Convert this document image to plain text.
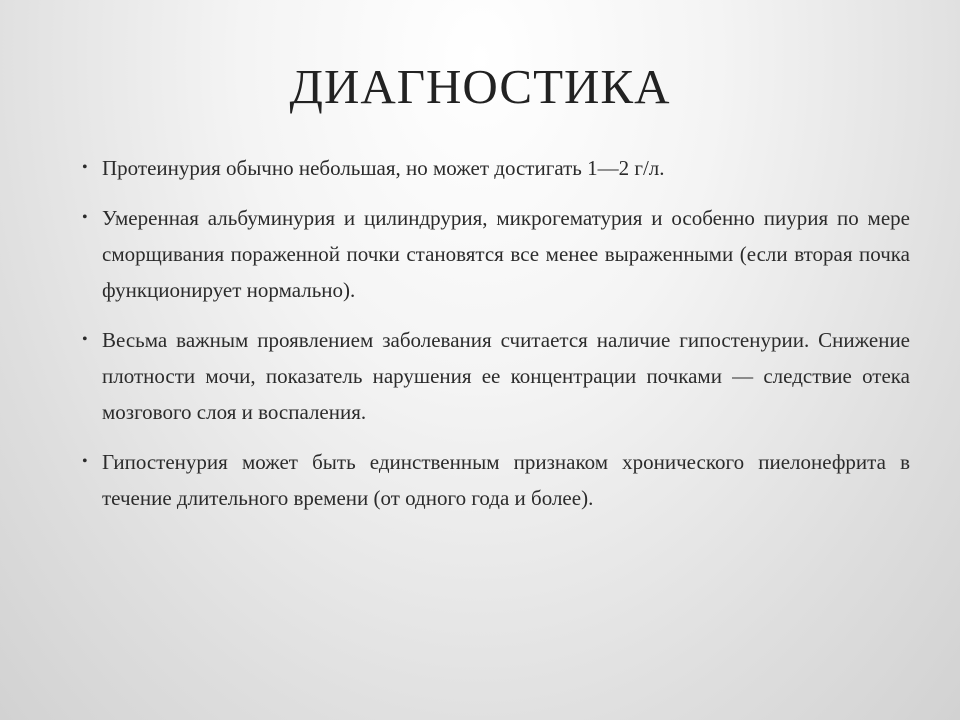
ДИАГНОСТИКА
• Протеинурия обычно небольшая, но может достигать 1—2 г/л.
• Умеренная альбуминурия и цилиндрурия, микрогематурия и особенно пиурия по мере сморщивания пораженной почки становятся все менее выраженными (если вторая почка функционирует нормально).
• Весьма важным проявлением заболевания считается наличие гипостенурии. Снижение плотности мочи, показатель нарушения ее концентрации почками — следствие отека мозгового слоя и воспаления.
• Гипостенурия может быть единственным признаком хронического пиелонефрита в течение длительного времени (от одного года и более).
